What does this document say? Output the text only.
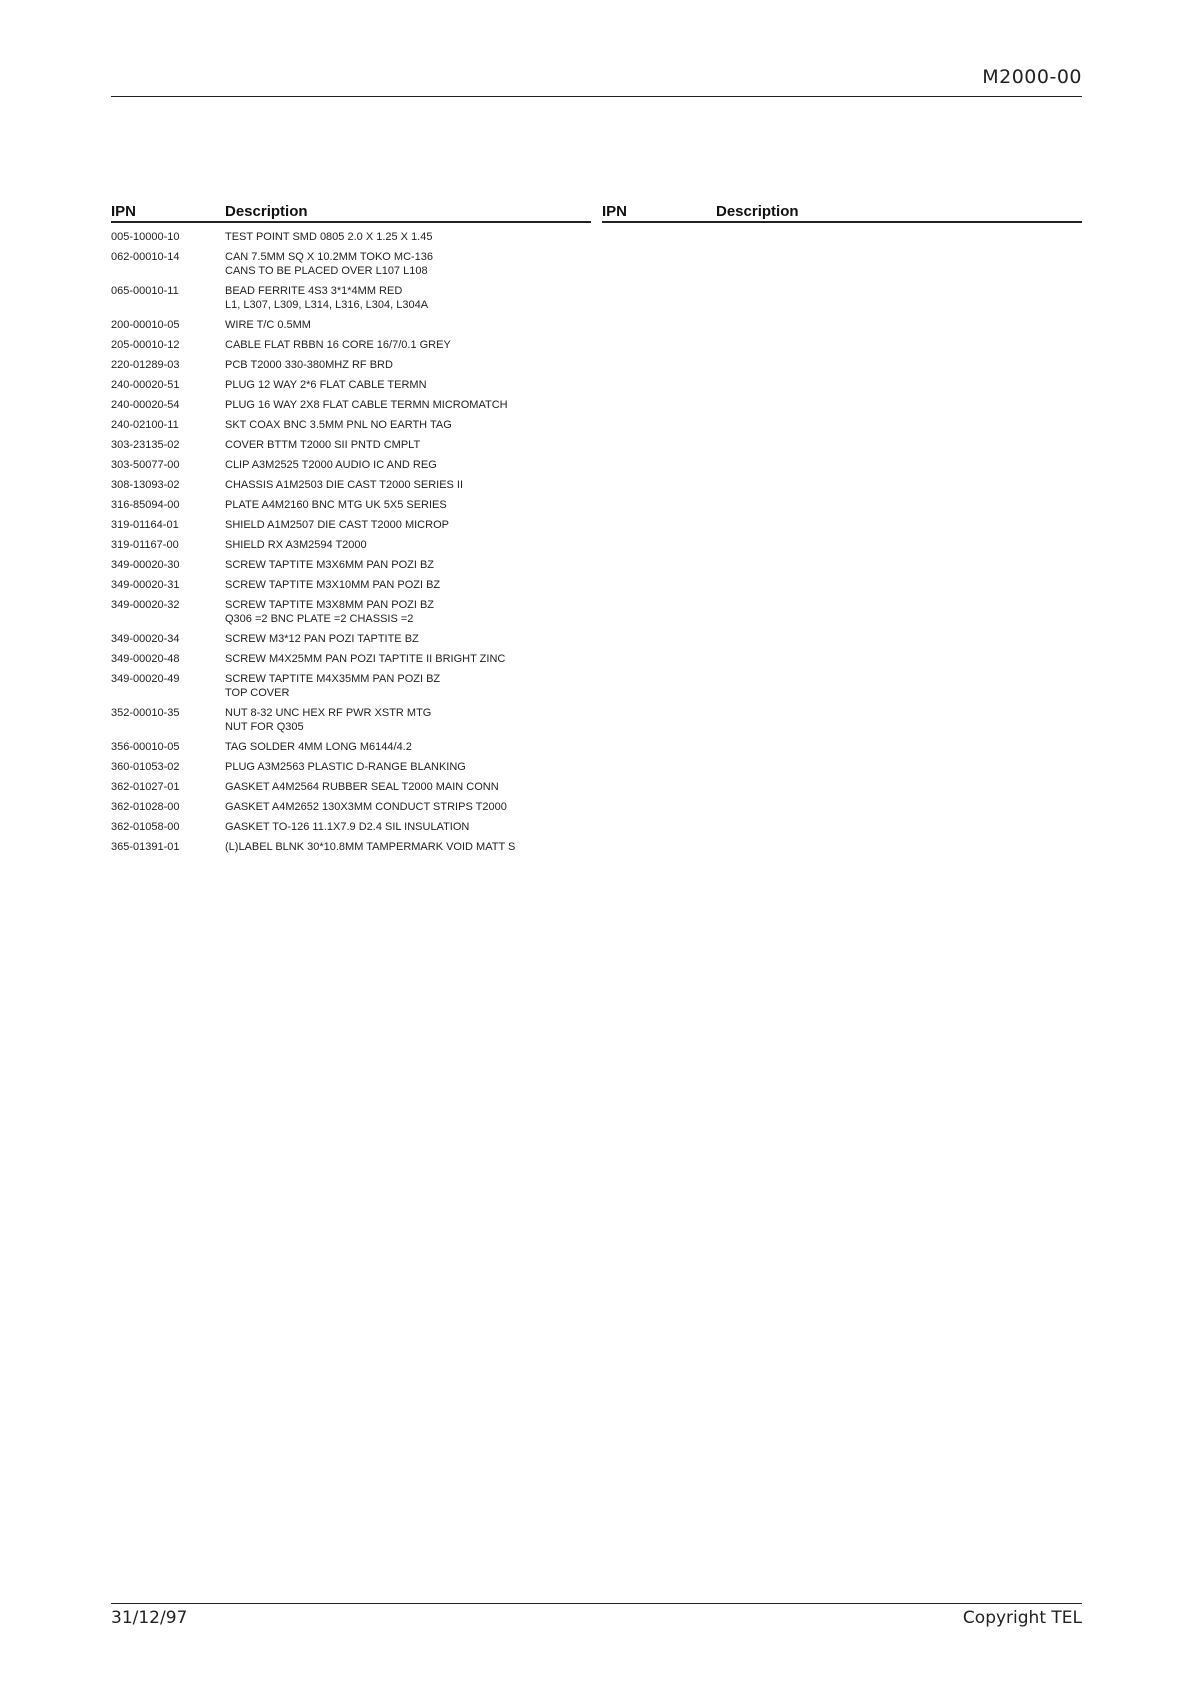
M2000-00
IPN	Description	IPN	Description
005-10000-10	TEST POINT SMD 0805 2.0 X 1.25 X 1.45
062-00010-14	CAN 7.5MM SQ X 10.2MM TOKO MC-136
CANS TO BE PLACED OVER L107 L108
065-00010-11	BEAD FERRITE 4S3 3*1*4MM RED
L1, L307, L309, L314, L316, L304, L304A
200-00010-05	WIRE T/C 0.5MM
205-00010-12	CABLE FLAT RBBN 16 CORE 16/7/0.1 GREY
220-01289-03	PCB T2000 330-380MHZ RF BRD
240-00020-51	PLUG 12 WAY 2*6 FLAT CABLE TERMN
240-00020-54	PLUG 16 WAY 2X8 FLAT CABLE TERMN MICROMATCH
240-02100-11	SKT COAX BNC 3.5MM PNL NO EARTH TAG
303-23135-02	COVER BTTM T2000 SII PNTD CMPLT
303-50077-00	CLIP A3M2525 T2000 AUDIO IC AND REG
308-13093-02	CHASSIS A1M2503 DIE CAST T2000 SERIES II
316-85094-00	PLATE A4M2160 BNC MTG UK 5X5 SERIES
319-01164-01	SHIELD A1M2507 DIE CAST T2000 MICROP
319-01167-00	SHIELD RX A3M2594 T2000
349-00020-30	SCREW TAPTITE M3X6MM PAN POZI BZ
349-00020-31	SCREW TAPTITE M3X10MM PAN POZI BZ
349-00020-32	SCREW TAPTITE M3X8MM PAN POZI BZ
Q306 =2 BNC PLATE =2 CHASSIS =2
349-00020-34	SCREW M3*12 PAN POZI TAPTITE BZ
349-00020-48	SCREW M4X25MM PAN POZI TAPTITE II BRIGHT ZINC
349-00020-49	SCREW TAPTITE M4X35MM PAN POZI BZ
TOP COVER
352-00010-35	NUT 8-32 UNC HEX RF PWR XSTR MTG
NUT FOR Q305
356-00010-05	TAG SOLDER 4MM LONG M6144/4.2
360-01053-02	PLUG A3M2563 PLASTIC D-RANGE BLANKING
362-01027-01	GASKET A4M2564 RUBBER SEAL T2000 MAIN CONN
362-01028-00	GASKET A4M2652 130X3MM CONDUCT STRIPS T2000
362-01058-00	GASKET TO-126 11.1X7.9 D2.4 SIL INSULATION
365-01391-01	(L)LABEL BLNK 30*10.8MM TAMPERMARK VOID MATT S
31/12/97	Copyright TEL
